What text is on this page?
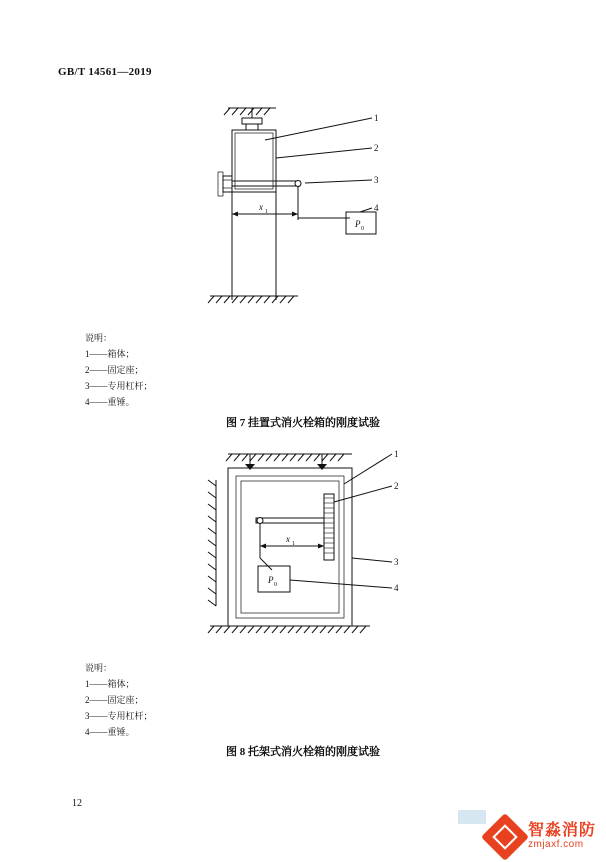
GB/T 14561—2019
1
2
3
4
x 1
P 0
说明：
1——箱体；
2——固定座；
3——专用杠杆；
4——重锤。
图 7 挂置式消火栓箱的刚度试验
1
2
3
4
x 1
P 0
说明：
1——箱体；
2——固定座；
3——专用杠杆；
4——重锤。
图 8 托架式消火栓箱的刚度试验
12
智淼消防
zmjaxf.com
